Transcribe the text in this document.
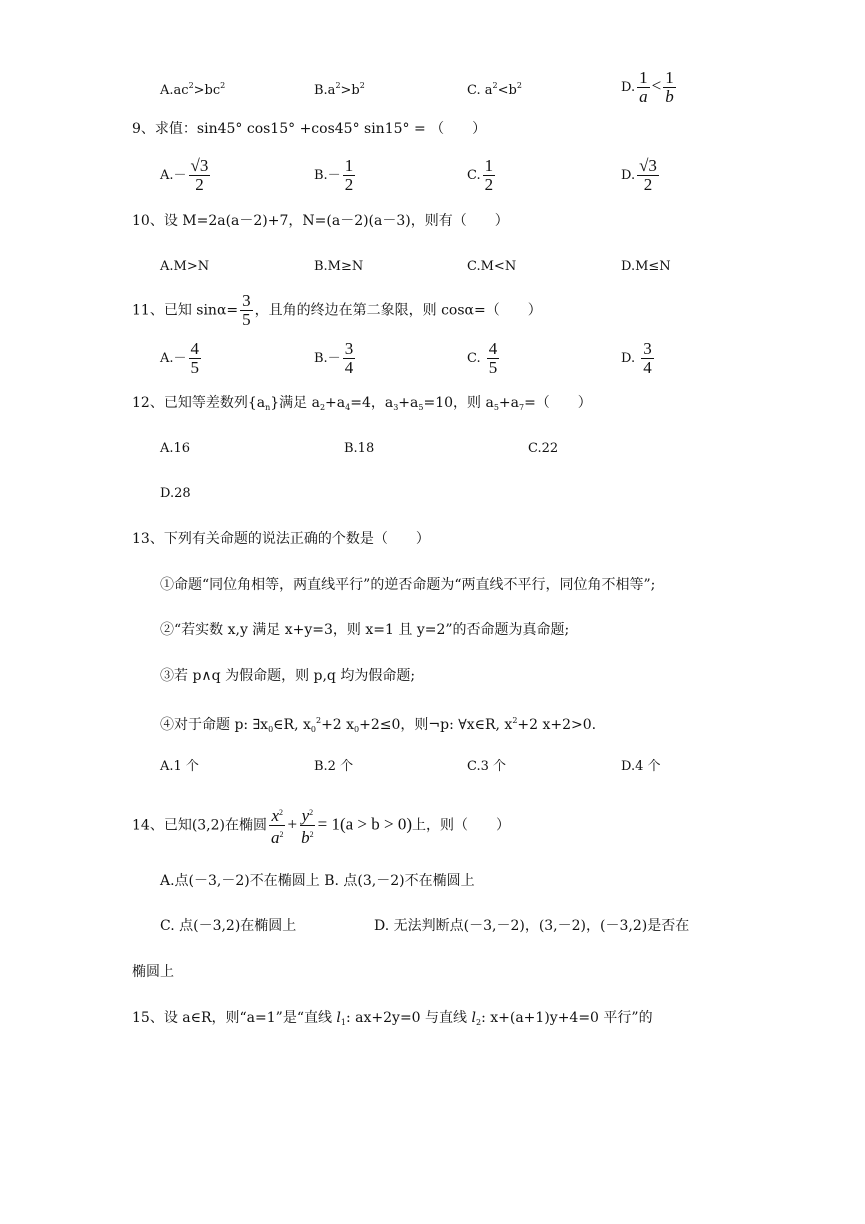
$A.ac^2>bc^2$	$B.a^2>b^2$	C. $a^2<b^2$	D. $\frac{1}{a} < \frac{1}{b}$
9、求值：sin45° cos15° +cos45° sin15° = （　　）
$A.- \frac{√3}{2}$	$B.- \frac{1}{2}$	C. $\frac{1}{2}$	D. $\frac{√3}{2}$
10、设 M=2a(a－2)+7，N=(a－2)(a－3)，则有（　　）
A.M>N	B.M≥N	C.M<N	D.M≤N
11、已知 $\sin\alpha= \frac{3}{5}$ ，且角的终边在第二象限，则 cosα=（　　）
$A.- \frac{4}{5}$	$B.- \frac{3}{4}$	C. $\frac{4}{5}$	D. $\frac{3}{4}$
12、已知等差数列$\{a_n\}$满足 $a_2+a_4=4$，$a_3+a_5=10$，则 $a_5+a_7=$（　　）
A.16	B.18	C.22
D.28
13、下列有关命题的说法正确的个数是（　　）
①命题“同位角相等，两直线平行”的逆否命题为“两直线不平行，同位角不相等”;
②“若实数 x,y 满足 x+y=3，则 x=1 且 y=2”的否命题为真命题;
③若 p∧q 为假命题，则 p,q 均为假命题;
④对于命题 p: $\exists x_0\in R$, $x_0^2+2$ $x_0+2\le 0$，则¬p: ∀x∈R, $x^2+2$ x+2>0.
A.1 个	B.2 个	C.3 个	D.4 个
14、已知(3,2)在椭圆 $\frac{x^2}{a^2} + \frac{y^2}{b^2} = 1(a > b > 0)$上，则（　　）
A.点(－3,－2)不在椭圆上 B. 点(3,－2)不在椭圆上
C. 点(－3,2)在椭圆上	D. 无法判断点(－3,－2)，(3,－2)，(－3,2)是否在
椭圆上
15、设 a∈R，则“a=1”是“直线 $l_1$: ax+2y=0 与直线 $l_2$: x+(a+1)y+4=0 平行”的
